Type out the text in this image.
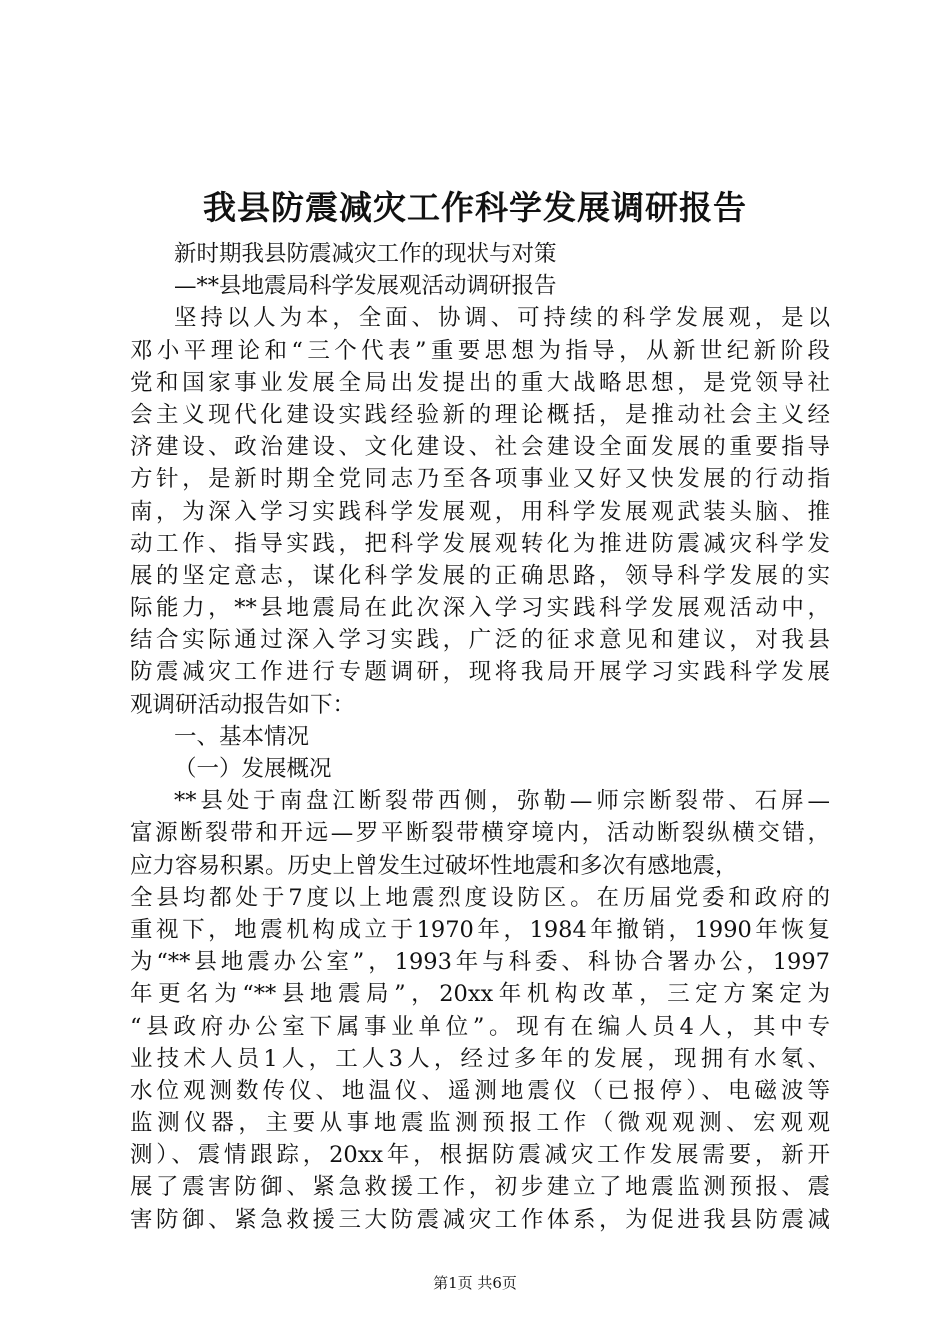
我县防震减灾工作科学发展调研报告
新时期我县防震减灾工作的现状与对策
—**县地震局科学发展观活动调研报告
坚持以人为本，全面、协调、可持续的科学发展观，是以
邓小平理论和“三个代表”重要思想为指导，从新世纪新阶段
党和国家事业发展全局出发提出的重大战略思想，是党领导社
会主义现代化建设实践经验新的理论概括，是推动社会主义经
济建设、政治建设、文化建设、社会建设全面发展的重要指导
方针，是新时期全党同志乃至各项事业又好又快发展的行动指
南，为深入学习实践科学发展观，用科学发展观武装头脑、推
动工作、指导实践，把科学发展观转化为推进防震减灾科学发
展的坚定意志，谋化科学发展的正确思路，领导科学发展的实
际能力，**县地震局在此次深入学习实践科学发展观活动中，
结合实际通过深入学习实践，广泛的征求意见和建议，对我县
防震减灾工作进行专题调研，现将我局开展学习实践科学发展
观调研活动报告如下：
一、基本情况
（一）发展概况
**县处于南盘江断裂带西侧，弥勒—师宗断裂带、石屏—
富源断裂带和开远—罗平断裂带横穿境内，活动断裂纵横交错，
应力容易积累。历史上曾发生过破坏性地震和多次有感地震，
全县均都处于7度以上地震烈度设防区。在历届党委和政府的
重视下，地震机构成立于1970年，1984年撤销，1990年恢复
为“**县地震办公室”，1993年与科委、科协合署办公，1997
年更名为“**县地震局”，20xx年机构改革，三定方案定为
“县政府办公室下属事业单位”。现有在编人员4人，其中专
业技术人员1人，工人3人，经过多年的发展，现拥有水氡、
水位观测数传仪、地温仪、遥测地震仪（已报停）、电磁波等
监测仪器，主要从事地震监测预报工作（微观观测、宏观观
测）、震情跟踪，20xx年，根据防震减灾工作发展需要，新开
展了震害防御、紧急救援工作，初步建立了地震监测预报、震
害防御、紧急救援三大防震减灾工作体系，为促进我县防震减
第1页 共6页
